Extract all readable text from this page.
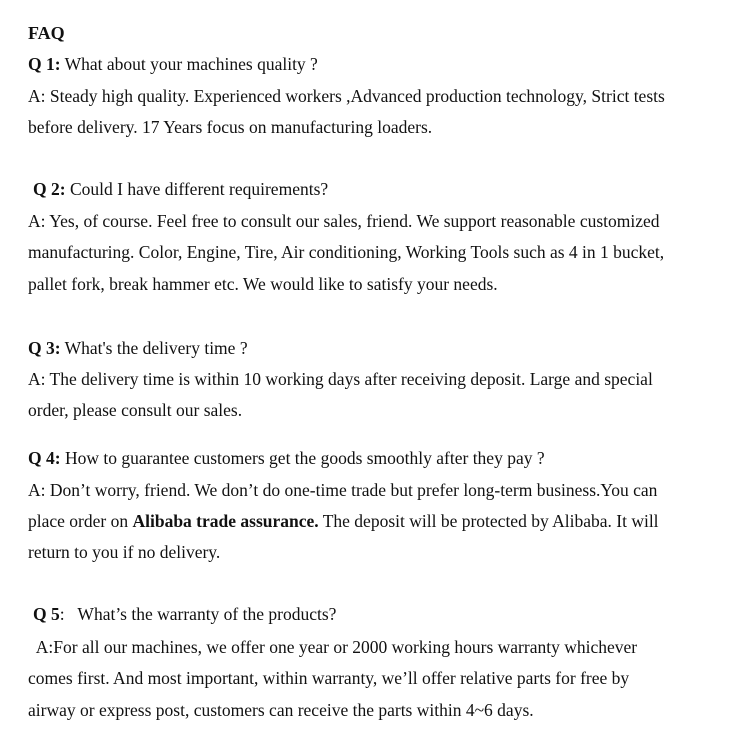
FAQ
Q 1: What about your machines quality ?
A: Steady high quality. Experienced workers ,Advanced production technology, Strict tests
before delivery. 17 Years focus on manufacturing loaders.
Q 2: Could I have different requirements?
A: Yes, of course. Feel free to consult our sales, friend. We support reasonable customized
manufacturing. Color, Engine, Tire, Air conditioning, Working Tools such as 4 in 1 bucket,
pallet fork, break hammer etc. We would like to satisfy your needs.
Q 3: What's the delivery time ?
A: The delivery time is within 10 working days after receiving deposit. Large and special
order, please consult our sales.
Q 4: How to guarantee customers get the goods smoothly after they pay ?
A: Don’t worry, friend. We don’t do one-time trade but prefer long-term business.You can
place order on Alibaba trade assurance. The deposit will be protected by Alibaba. It will
return to you if no delivery.
Q 5:   What’s the warranty of the products?
A:For all our machines, we offer one year or 2000 working hours warranty whichever
comes first. And most important, within warranty, we’ll offer relative parts for free by
airway or express post, customers can receive the parts within 4~6 days.
